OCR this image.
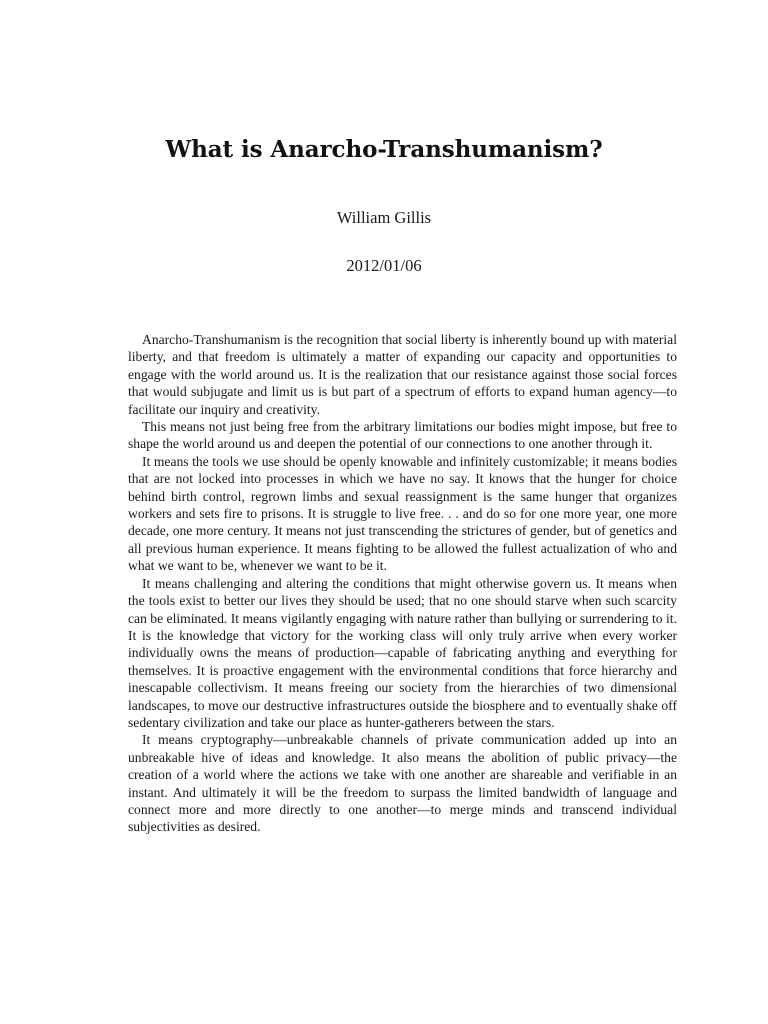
What is Anarcho-Transhumanism?
William Gillis
2012/01/06

Anarcho-Transhumanism is the recognition that social liberty is inherently bound up with material liberty, and that freedom is ultimately a matter of expanding our capacity and opportunities to engage with the world around us. It is the realization that our resistance against those social forces that would subjugate and limit us is but part of a spectrum of efforts to expand human agency—to facilitate our inquiry and creativity.

This means not just being free from the arbitrary limitations our bodies might impose, but free to shape the world around us and deepen the potential of our connections to one another through it.

It means the tools we use should be openly knowable and infinitely customizable; it means bodies that are not locked into processes in which we have no say. It knows that the hunger for choice behind birth control, regrown limbs and sexual reassignment is the same hunger that organizes workers and sets fire to prisons. It is struggle to live free. . . and do so for one more year, one more decade, one more century. It means not just transcending the strictures of gender, but of genetics and all previous human experience. It means fighting to be allowed the fullest actualization of who and what we want to be, whenever we want to be it.

It means challenging and altering the conditions that might otherwise govern us. It means when the tools exist to better our lives they should be used; that no one should starve when such scarcity can be eliminated. It means vigilantly engaging with nature rather than bullying or surrendering to it. It is the knowledge that victory for the working class will only truly arrive when every worker individually owns the means of production—capable of fabricating anything and everything for themselves. It is proactive engagement with the environmental conditions that force hierarchy and inescapable collectivism. It means freeing our society from the hierarchies of two dimensional landscapes, to move our destructive infrastructures outside the biosphere and to eventually shake off sedentary civilization and take our place as hunter-gatherers between the stars.

It means cryptography—unbreakable channels of private communication added up into an unbreakable hive of ideas and knowledge. It also means the abolition of public privacy—the creation of a world where the actions we take with one another are shareable and verifiable in an instant. And ultimately it will be the freedom to surpass the limited bandwidth of language and connect more and more directly to one another—to merge minds and transcend individual subjectivities as desired.
